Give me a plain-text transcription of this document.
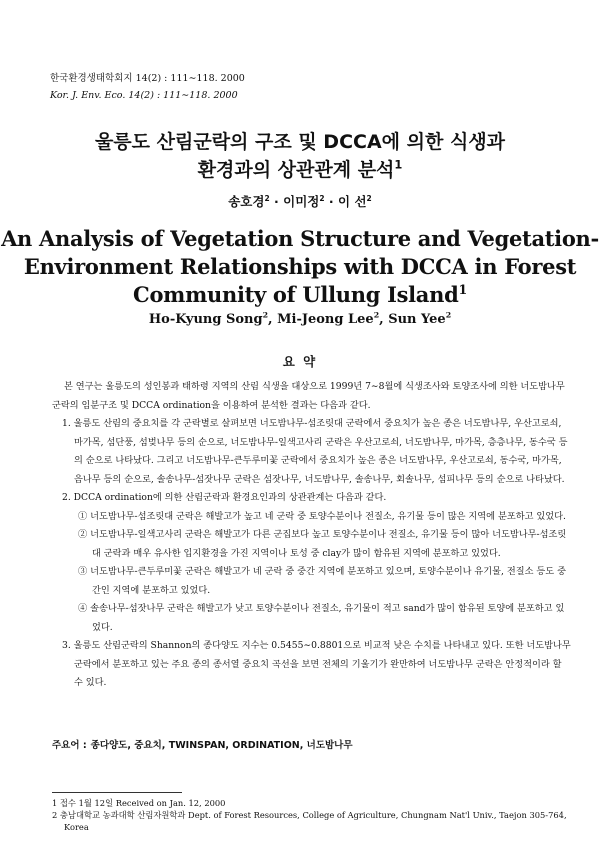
한국환경생태학회지 14(2) : 111∼118. 2000
Kor. J. Env. Eco. 14(2) : 111∼118. 2000
울릉도 산림군락의 구조 및 DCCA에 의한 식생과
환경과의 상관관계 분석$^1$
송호경$^2$ · 이미정$^2$ · 이 선$^2$
An Analysis of Vegetation Structure and Vegetation-
Environment Relationships with DCCA in Forest
Community of Ullung Island$^1$
Ho-Kyung Song$^2$, Mi-Jeong Lee$^2$, Sun Yee$^2$
요 약

본 연구는 울릉도의 성인봉과 태하령 지역의 산림 식생을 대상으로 1999년 7∼8월에 식생조사와 토양조사에 의한 너도밤나무 군락의 임분구조 및 DCCA ordination을 이용하여 분석한 결과는 다음과 같다.

1. 울릉도 산림의 중요치를 각 군락별로 살펴보면 너도밤나무-섬조릿대 군락에서 중요치가 높은 종은 너도밤나무, 우산고로쇠, 마가목, 섬단풍, 섬벚나무 등의 순으로, 너도밤나무-일색고사리 군락은 우산고로쇠, 너도밤나무, 마가목, 층층나무, 동수국 등의 순으로 나타났다. 그리고 너도밤나무-큰두루미꽃 군락에서 중요치가 높은 종은 너도밤나무, 우산고로쇠, 동수국, 마가목, 음나무 등의 순으로, 솔송나무-섬잣나무 군락은 섬잣나무, 너도밤나무, 솔송나무, 회솔나무, 섬피나무 등의 순으로 나타났다.

2. DCCA ordination에 의한 산림군락과 환경요인과의 상관관계는 다음과 같다.

① 너도밤나무-섬조릿대 군락은 해발고가 높고 네 군락 중 토양수분이나 전질소, 유기물 등이 많은 지역에 분포하고 있었다.

② 너도밤나무-일색고사리 군락은 해발고가 다른 군집보다 높고 토양수분이나 전질소, 유기물 등이 많아 너도밤나무-섬조릿대 군락과 매우 유사한 입지환경을 가진 지역이나 토성 중 clay가 많이 함유된 지역에 분포하고 있었다.

③ 너도밤나무-큰두루미꽃 군락은 해발고가 네 군락 중 중간 지역에 분포하고 있으며, 토양수분이나 유기물, 전질소 등도 중간인 지역에 분포하고 있었다.

④ 솔송나무-섬잣나무 군락은 해발고가 낮고 토양수분이나 전질소, 유기물이 적고 sand가 많이 함유된 토양에 분포하고 있었다.

3. 울릉도 산림군락의 Shannon의 종다양도 지수는 0.5455∼0.8801으로 비교적 낮은 수치를 나타내고 있다. 또한 너도밤나무 군락에서 분포하고 있는 주요 종의 종서열 중요치 곡선을 보면 전체의 기울기가 완만하여 너도밤나무 군락은 안정적이라 할 수 있다.

주요어 : 종다양도, 중요치, TWINSPAN, ORDINATION, 너도밤나무

1 접수 1월 12일 Received on Jan. 12, 2000

2 충남대학교 농과대학 산림자원학과 Dept. of Forest Resources, College of Agriculture, Chungnam Nat'l Univ., Taejon 305-764, Korea
